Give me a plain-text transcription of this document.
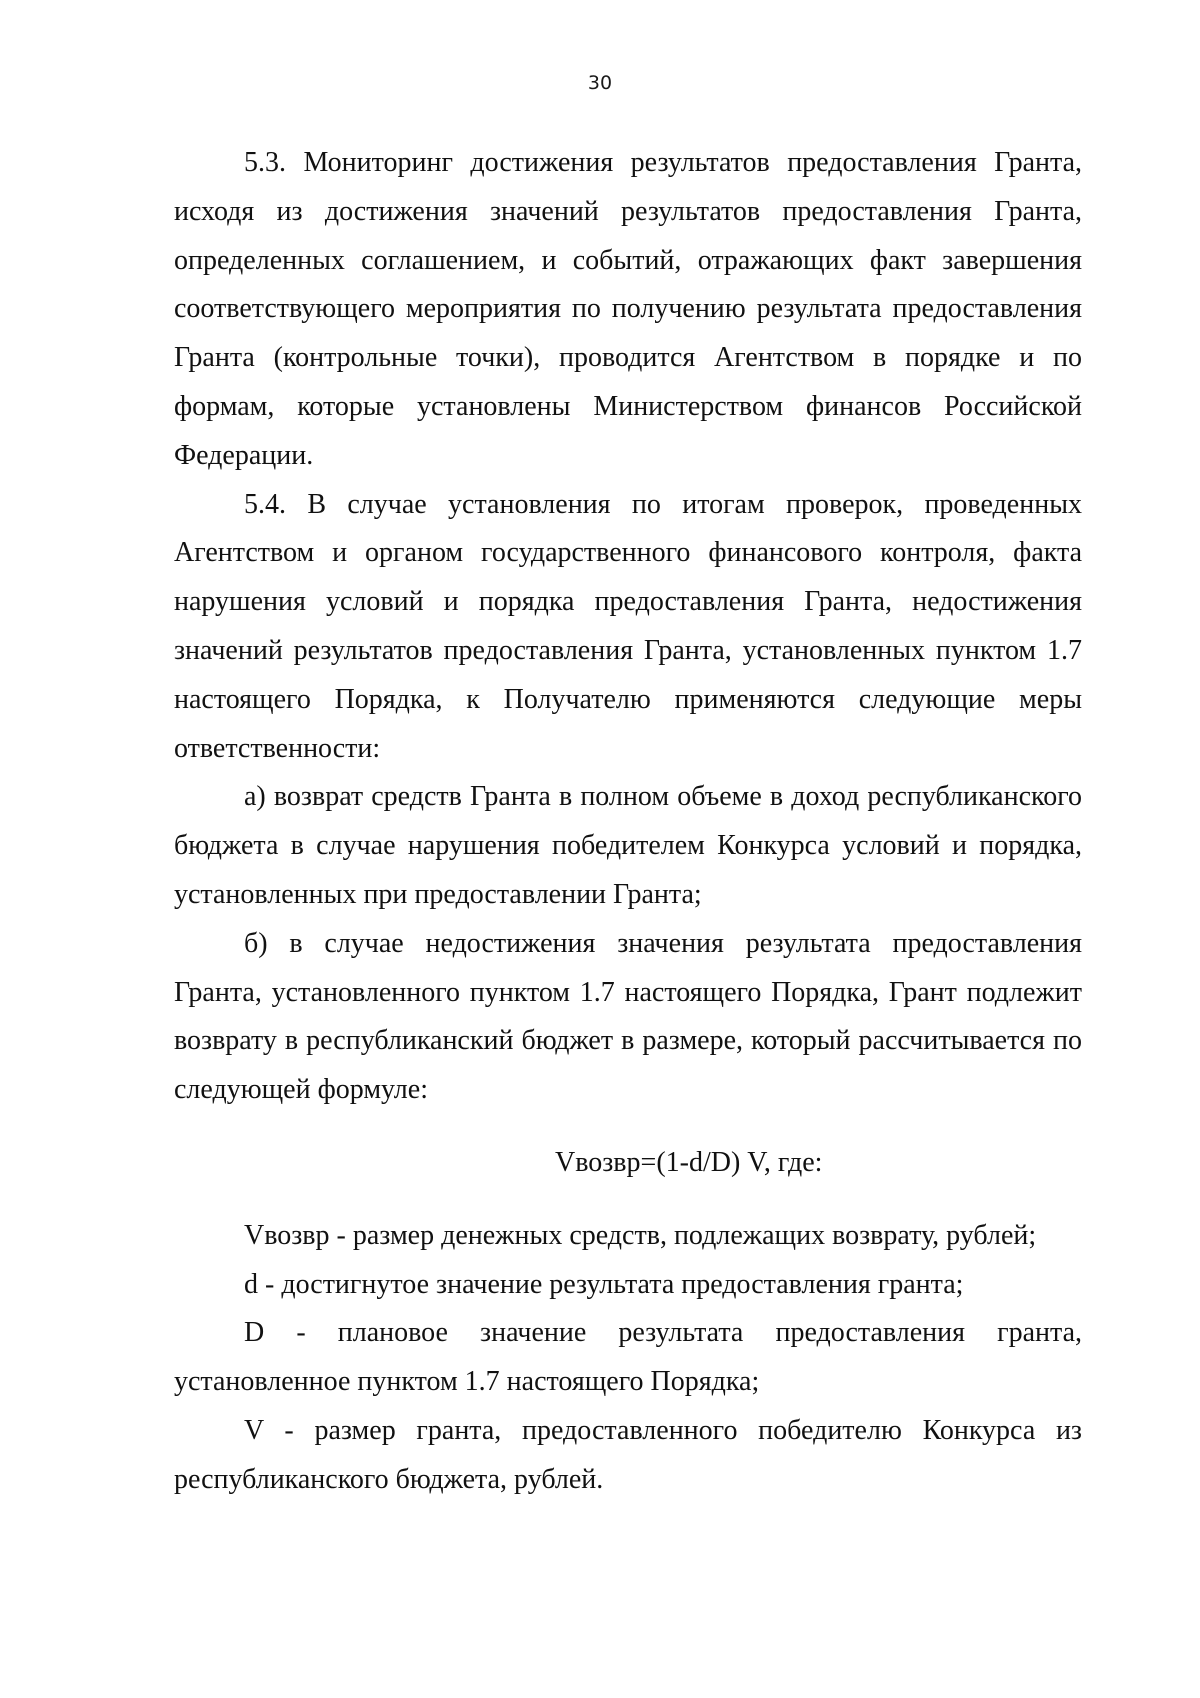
30

5.3. Мониторинг достижения результатов предоставления Гранта, исходя из достижения значений результатов предоставления Гранта, определенных соглашением, и событий, отражающих факт завершения соответствующего мероприятия по получению результата предоставления Гранта (контрольные точки), проводится Агентством в порядке и по формам, которые установлены Министерством финансов Российской Федерации.

5.4. В случае установления по итогам проверок, проведенных Агентством и органом государственного финансового контроля, факта нарушения условий и порядка предоставления Гранта, недостижения значений результатов предоставления Гранта, установленных пунктом 1.7 настоящего Порядка, к Получателю применяются следующие меры ответственности:

а) возврат средств Гранта в полном объеме в доход республиканского бюджета в случае нарушения победителем Конкурса условий и порядка, установленных при предоставлении Гранта;

б) в случае недостижения значения результата предоставления Гранта, установленного пунктом 1.7 настоящего Порядка, Грант подлежит возврату в республиканский бюджет в размере, который рассчитывается по следующей формуле:

Vвозвр=(1-d/D) V, где:

Vвозвр - размер денежных средств, подлежащих возврату, рублей;

d - достигнутое значение результата предоставления гранта;

D - плановое значение результата предоставления гранта, установленное пунктом 1.7 настоящего Порядка;

V - размер гранта, предоставленного победителю Конкурса из республиканского бюджета, рублей.
